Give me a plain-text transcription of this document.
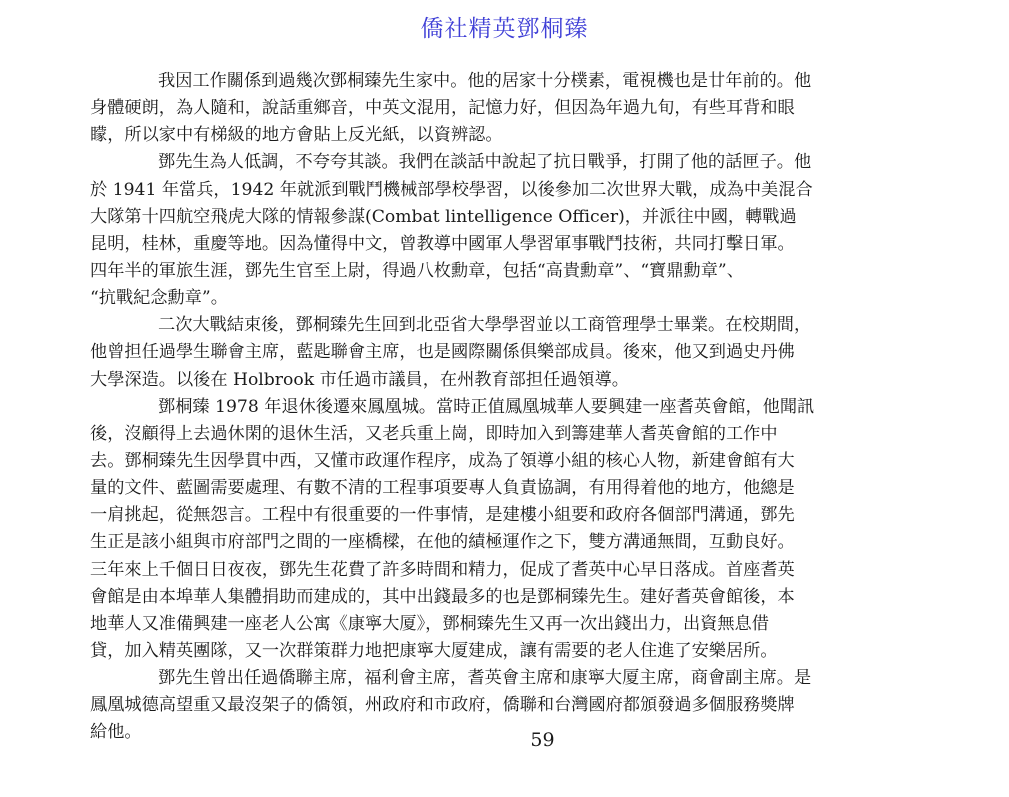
僑社精英鄧桐臻
我因工作關係到過幾次鄧桐臻先生家中。他的居家十分樸素，電視機也是廿年前的。他
身體硬朗，為人隨和，說話重鄉音，中英文混用，記憶力好，但因為年過九旬，有些耳背和眼
矇，所以家中有梯級的地方會貼上反光紙，以資辨認。
鄧先生為人低調，不夸夸其談。我們在談話中說起了抗日戰爭，打開了他的話匣子。他
於 1941 年當兵，1942 年就派到戰鬥機械部學校學習，以後參加二次世界大戰，成為中美混合
大隊第十四航空飛虎大隊的情報參謀(Combat lintelligence Officer)，并派往中國，轉戰過
昆明，桂林，重慶等地。因為懂得中文，曾教導中國軍人學習軍事戰鬥技術，共同打擊日軍。
四年半的軍旅生涯，鄧先生官至上尉，得過八枚勳章，包括“高貴勳章”、“寶鼎勳章”、
“抗戰紀念勳章”。
二次大戰結束後，鄧桐臻先生回到北亞省大學學習並以工商管理學士畢業。在校期間，
他曾担任過學生聯會主席，藍匙聯會主席，也是國際關係俱樂部成員。後來，他又到過史丹佛
大學深造。以後在 Holbrook 市任過市議員，在州教育部担任過領導。
鄧桐臻 1978 年退休後遷來鳳凰城。當時正值鳳凰城華人要興建一座耆英會館，他聞訊
後，沒顧得上去過休閑的退休生活，又老兵重上崗，即時加入到籌建華人耆英會館的工作中
去。鄧桐臻先生因學貫中西，又懂市政運作程序，成為了領導小組的核心人物，新建會館有大
量的文件、藍圖需要處理、有數不清的工程事項要專人負責協調，有用得着他的地方，他總是
一肩挑起，從無怨言。工程中有很重要的一件事情，是建樓小組要和政府各個部門溝通，鄧先
生正是該小組與市府部門之間的一座橋樑，在他的績極運作之下，雙方溝通無間，互動良好。
三年來上千個日日夜夜，鄧先生花費了許多時間和精力，促成了耆英中心早日落成。首座耆英
會館是由本埠華人集體捐助而建成的，其中出錢最多的也是鄧桐臻先生。建好耆英會館後，本
地華人又准備興建一座老人公寓《康寧大厦》，鄧桐臻先生又再一次出錢出力，出資無息借
貸，加入精英團隊，又一次群策群力地把康寧大厦建成，讓有需要的老人住進了安樂居所。
鄧先生曾出任過僑聯主席，福利會主席，耆英會主席和康寧大厦主席，商會副主席。是
鳳凰城德高望重又最沒架子的僑領，州政府和市政府，僑聯和台灣國府都頒發過多個服務獎牌
給他。	59
